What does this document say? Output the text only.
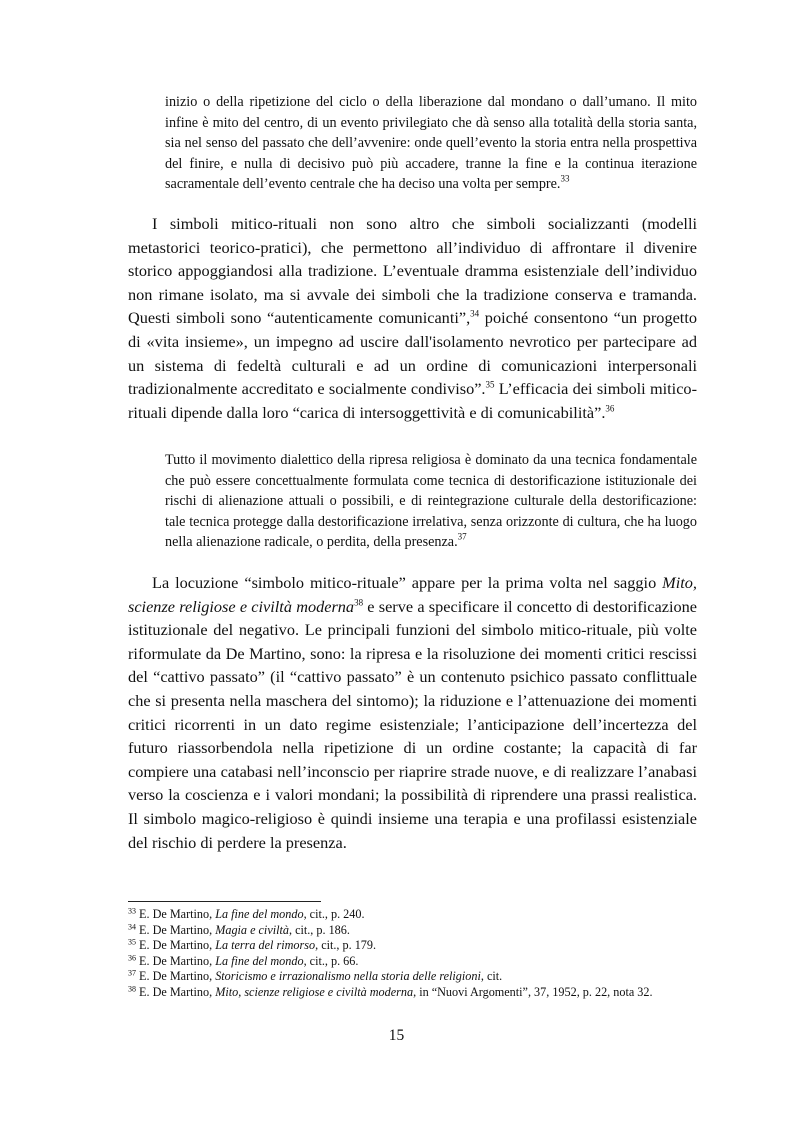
inizio o della ripetizione del ciclo o della liberazione dal mondano o dall’umano. Il mito infine è mito del centro, di un evento privilegiato che dà senso alla totalità della storia santa, sia nel senso del passato che dell’avvenire: onde quell’evento la storia entra nella prospettiva del finire, e nulla di decisivo può più accadere, tranne la fine e la continua iterazione sacramentale dell’evento centrale che ha deciso una volta per sempre.$^{33}$

I simboli mitico-rituali non sono altro che simboli socializzanti (modelli metastorici teorico-pratici), che permettono all’individuo di affrontare il divenire storico appoggiandosi alla tradizione. L’eventuale dramma esistenziale dell’individuo non rimane isolato, ma si avvale dei simboli che la tradizione conserva e tramanda. Questi simboli sono “autenticamente comunicanti”,$^{34}$ poiché consentono “un progetto di «vita insieme», un impegno ad uscire dall'isolamento nevrotico per partecipare ad un sistema di fedeltà culturali e ad un ordine di comunicazioni interpersonali tradizionalmente accreditato e socialmente condiviso”.$^{35}$ L’efficacia dei simboli mitico-rituali dipende dalla loro “carica di intersoggettività e di comunicabilità”.$^{36}$

Tutto il movimento dialettico della ripresa religiosa è dominato da una tecnica fondamentale che può essere concettualmente formulata come tecnica di destorificazione istituzionale dei rischi di alienazione attuali o possibili, e di reintegrazione culturale della destorificazione: tale tecnica protegge dalla destorificazione irrelativa, senza orizzonte di cultura, che ha luogo nella alienazione radicale, o perdita, della presenza.$^{37}$

La locuzione “simbolo mitico-rituale” appare per la prima volta nel saggio Mito, scienze religiose e civiltà moderna$^{38}$ e serve a specificare il concetto di destorificazione istituzionale del negativo. Le principali funzioni del simbolo mitico-rituale, più volte riformulate da De Martino, sono: la ripresa e la risoluzione dei momenti critici rescissi del “cattivo passato” (il “cattivo passato” è un contenuto psichico passato conflittuale che si presenta nella maschera del sintomo); la riduzione e l’attenuazione dei momenti critici ricorrenti in un dato regime esistenziale; l’anticipazione dell’incertezza del futuro riassorbendola nella ripetizione di un ordine costante; la capacità di far compiere una catabasi nell’inconscio per riaprire strade nuove, e di realizzare l’anabasi verso la coscienza e i valori mondani; la possibilità di riprendere una prassi realistica. Il simbolo magico-religioso è quindi insieme una terapia e una profilassi esistenziale del rischio di perdere la presenza.

$^{33}$ E. De Martino, La fine del mondo, cit., p. 240.

$^{34}$ E. De Martino, Magia e civiltà, cit., p. 186.

$^{35}$ E. De Martino, La terra del rimorso, cit., p. 179.

$^{36}$ E. De Martino, La fine del mondo, cit., p. 66.

$^{37}$ E. De Martino, Storicismo e irrazionalismo nella storia delle religioni, cit.

$^{38}$ E. De Martino, Mito, scienze religiose e civiltà moderna, in “Nuovi Argomenti”, 37, 1952, p. 22, nota 32.

15
